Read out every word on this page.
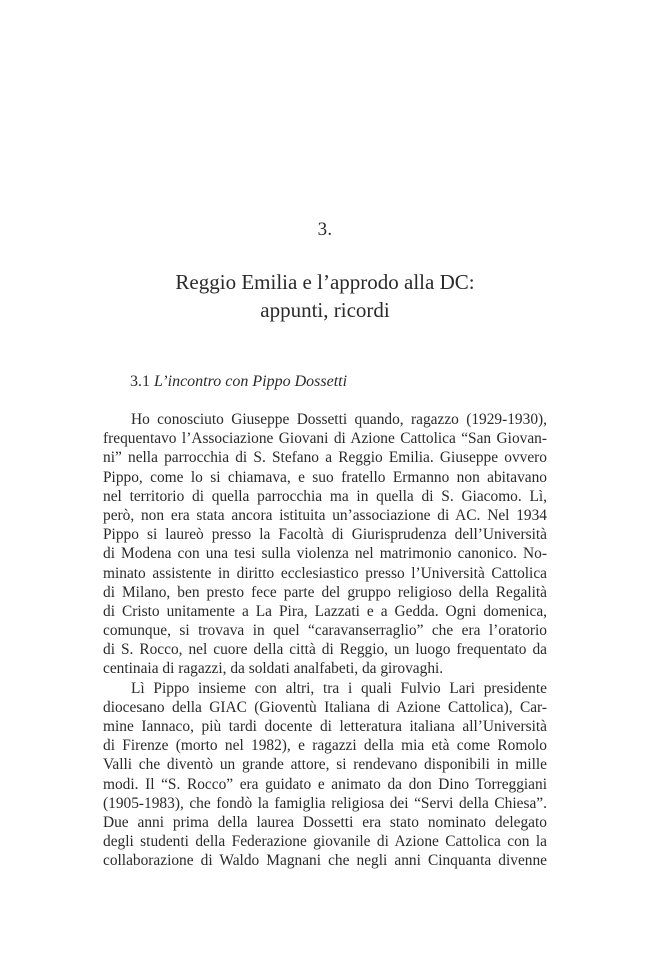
3.
Reggio Emilia e l’approdo alla DC:
appunti, ricordi
3.1 L’incontro con Pippo Dossetti
Ho conosciuto Giuseppe Dossetti quando, ragazzo (1929-1930),
frequentavo l’Associazione Giovani di Azione Cattolica “San Giovan-
ni” nella parrocchia di S. Stefano a Reggio Emilia. Giuseppe ovvero
Pippo, come lo si chiamava, e suo fratello Ermanno non abitavano
nel territorio di quella parrocchia ma in quella di S. Giacomo. Lì,
però, non era stata ancora istituita un’associazione di AC. Nel 1934
Pippo si laureò presso la Facoltà di Giurisprudenza dell’Università
di Modena con una tesi sulla violenza nel matrimonio canonico. No-
minato assistente in diritto ecclesiastico presso l’Università Cattolica
di Milano, ben presto fece parte del gruppo religioso della Regalità
di Cristo unitamente a La Pira, Lazzati e a Gedda. Ogni domenica,
comunque, si trovava in quel “caravanserraglio” che era l’oratorio
di S. Rocco, nel cuore della città di Reggio, un luogo frequentato da
centinaia di ragazzi, da soldati analfabeti, da girovaghi.
Lì Pippo insieme con altri, tra i quali Fulvio Lari presidente
diocesano della GIAC (Gioventù Italiana di Azione Cattolica), Car-
mine Iannaco, più tardi docente di letteratura italiana all’Università
di Firenze (morto nel 1982), e ragazzi della mia età come Romolo
Valli che diventò un grande attore, si rendevano disponibili in mille
modi. Il “S. Rocco” era guidato e animato da don Dino Torreggiani
(1905-1983), che fondò la famiglia religiosa dei “Servi della Chiesa”.
Due anni prima della laurea Dossetti era stato nominato delegato
degli studenti della Federazione giovanile di Azione Cattolica con la
collaborazione di Waldo Magnani che negli anni Cinquanta divenne
